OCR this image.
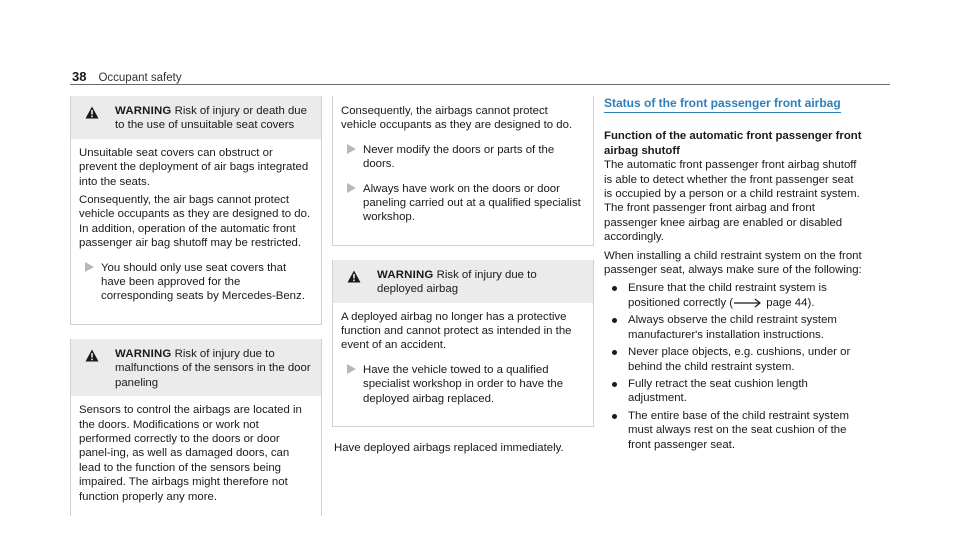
38 Occupant safety
WARNING Risk of injury or death due to the use of unsuitable seat covers

Unsuitable seat covers can obstruct or prevent the deployment of air bags integrated into the seats.

Consequently, the air bags cannot protect vehicle occupants as they are designed to do. In addition, operation of the automatic front passenger air bag shutoff may be restricted.

You should only use seat covers that have been approved for the corresponding seats by Mercedes-Benz.
WARNING Risk of injury due to malfunctions of the sensors in the door paneling

Sensors to control the airbags are located in the doors. Modifications or work not performed correctly to the doors or door panel-ing, as well as damaged doors, can lead to the function of the sensors being impaired. The airbags might therefore not function properly any more.

Consequently, the airbags cannot protect vehicle occupants as they are designed to do.

Never modify the doors or parts of the doors.
Always have work on the doors or door paneling carried out at a qualified specialist workshop.
WARNING Risk of injury due to deployed airbag

A deployed airbag no longer has a protective function and cannot protect as intended in the event of an accident.

Have the vehicle towed to a qualified specialist workshop in order to have the deployed airbag replaced.

Have deployed airbags replaced immediately.

Status of the front passenger front airbag
Function of the automatic front passenger front airbag shutoff

The automatic front passenger front airbag shutoff is able to detect whether the front passenger seat is occupied by a person or a child restraint system. The front passenger front airbag and front passenger knee airbag are enabled or disabled accordingly.

When installing a child restraint system on the front passenger seat, always make sure of the following:

Ensure that the child restraint system is positioned correctly (	page 44).
Always observe the child restraint system manufacturer's installation instructions.
Never place objects, e.g. cushions, under or behind the child restraint system.
Fully retract the seat cushion length adjustment.
The entire base of the child restraint system must always rest on the seat cushion of the front passenger seat.
